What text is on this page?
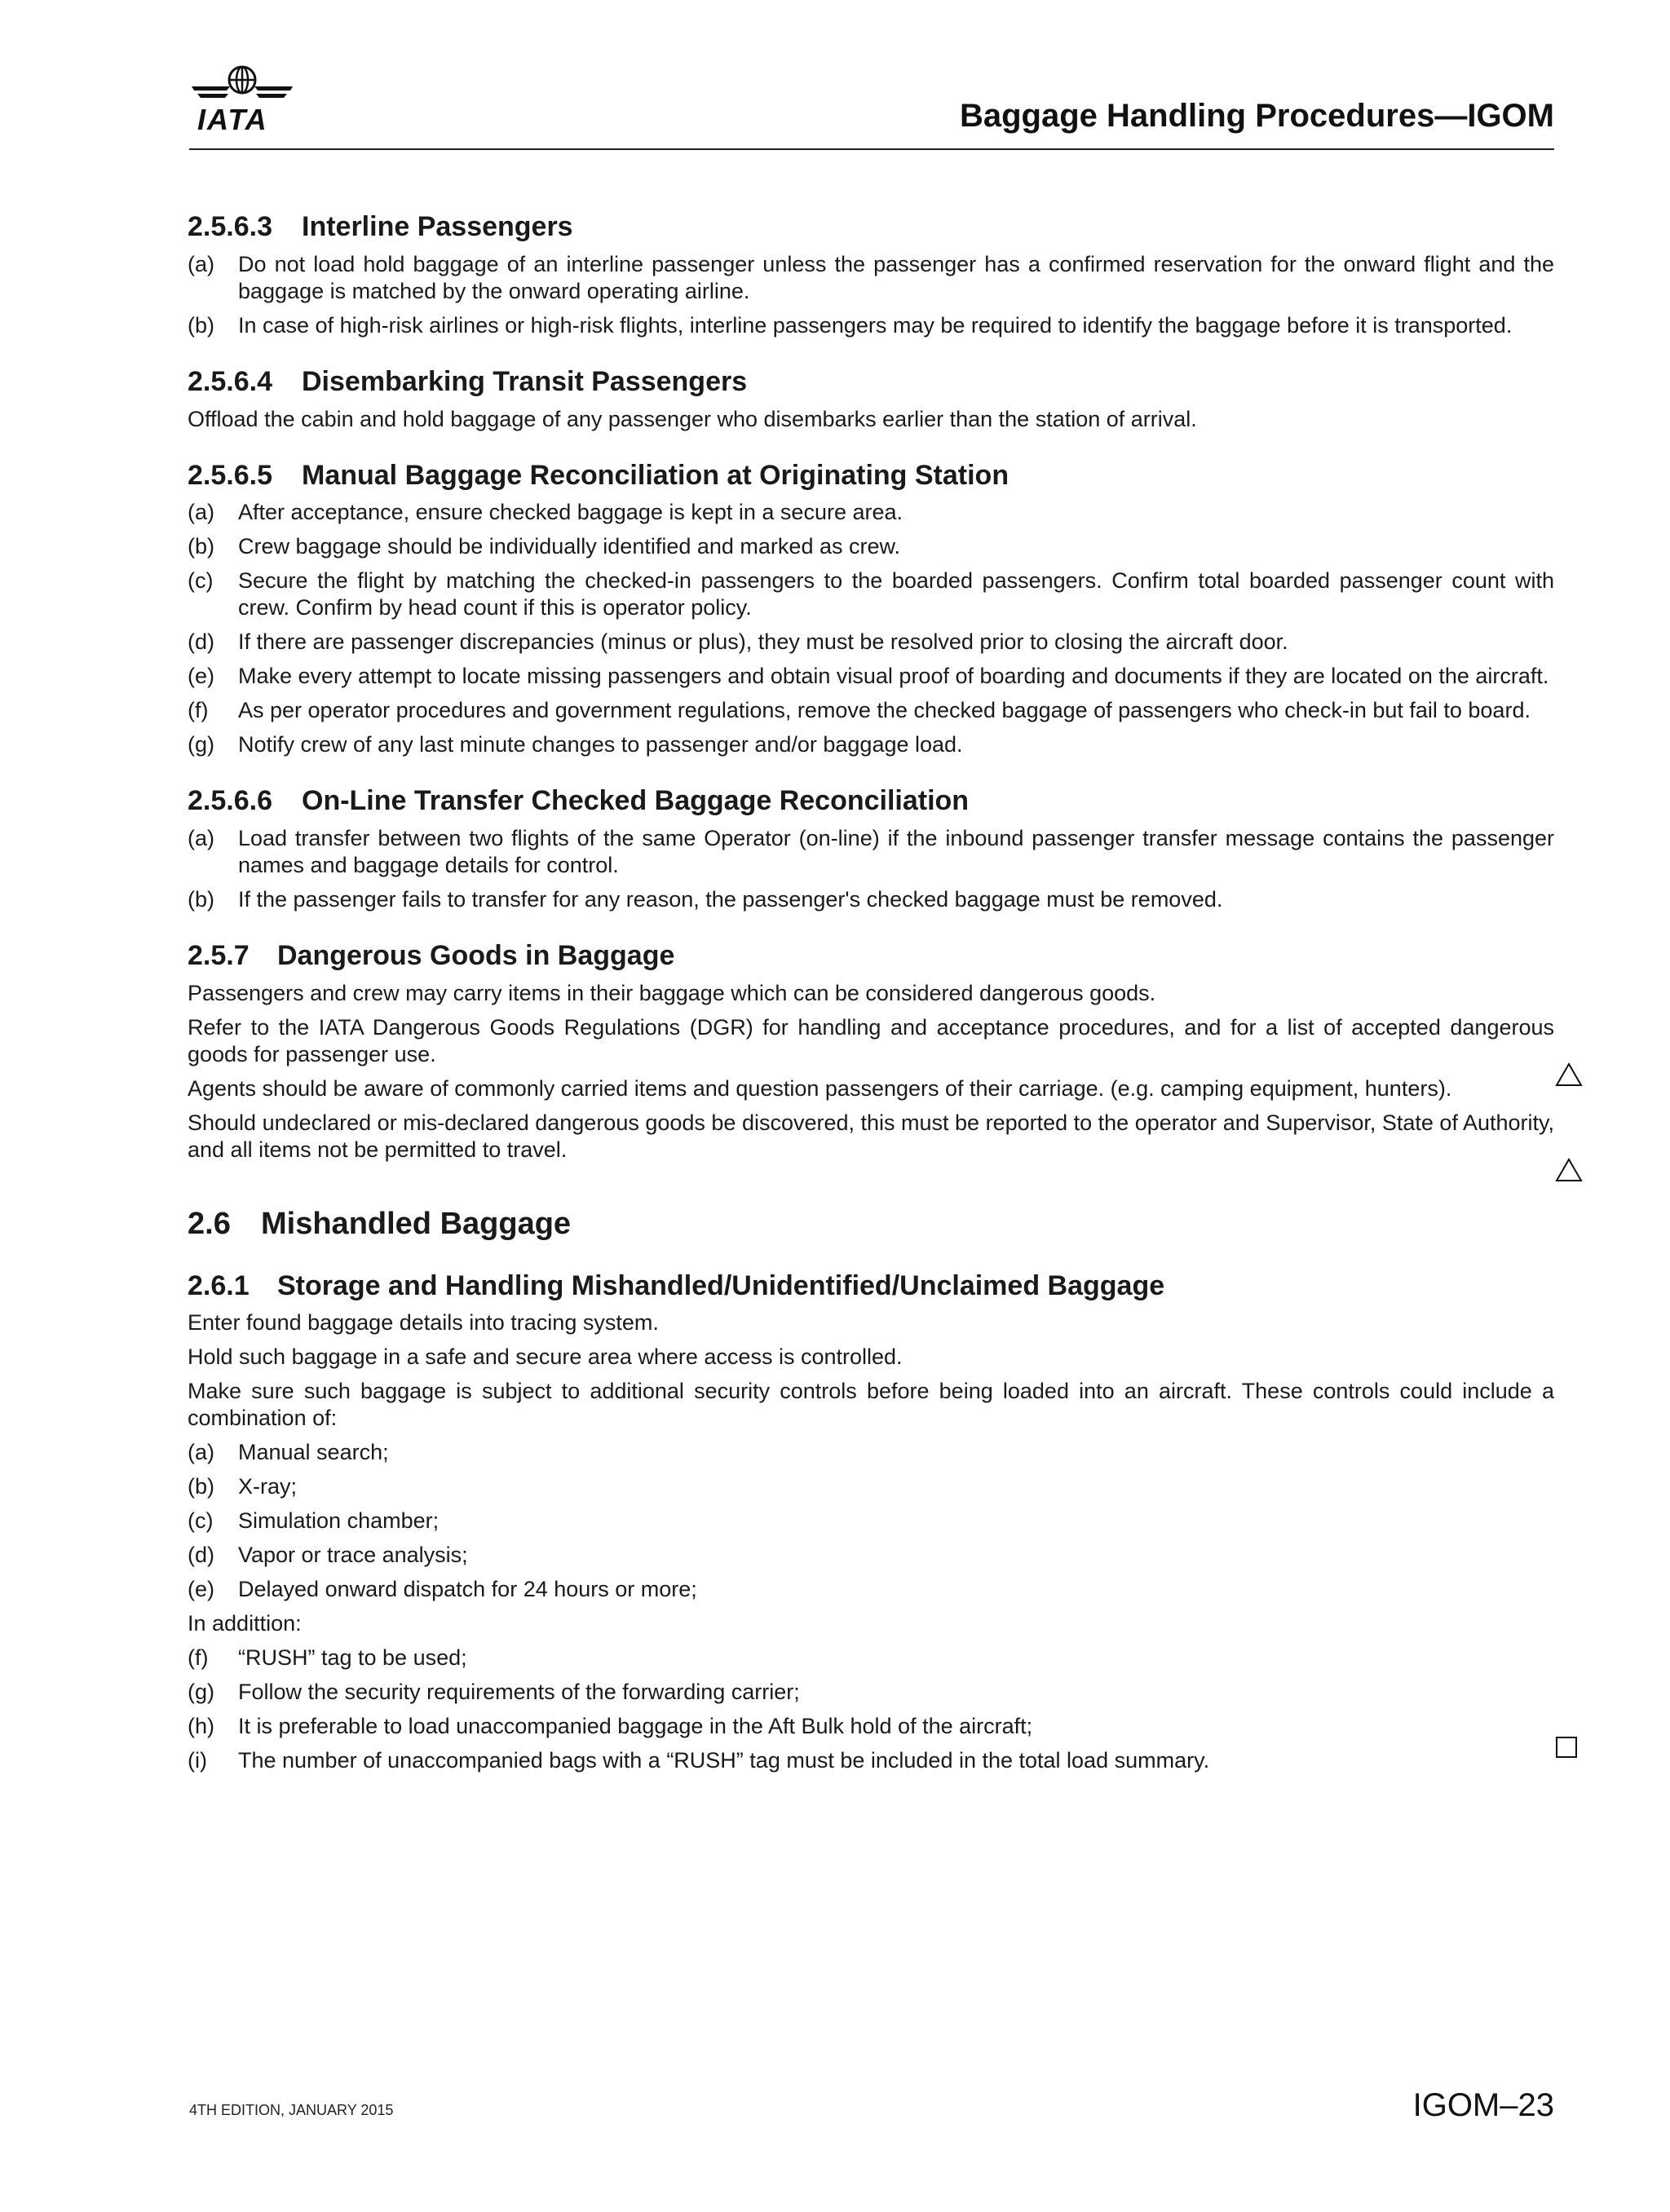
IATA	Baggage Handling Procedures—IGOM
2.5.6.3 Interline Passengers
(a)	Do not load hold baggage of an interline passenger unless the passenger has a confirmed reservation for the onward flight and the baggage is matched by the onward operating airline.
(b)	In case of high-risk airlines or high-risk flights, interline passengers may be required to identify the baggage before it is transported.
2.5.6.4 Disembarking Transit Passengers

Offload the cabin and hold baggage of any passenger who disembarks earlier than the station of arrival.

2.5.6.5 Manual Baggage Reconciliation at Originating Station
(a)	After acceptance, ensure checked baggage is kept in a secure area.
(b)	Crew baggage should be individually identified and marked as crew.
(c)	Secure the flight by matching the checked-in passengers to the boarded passengers. Confirm total boarded passenger count with crew. Confirm by head count if this is operator policy.
(d)	If there are passenger discrepancies (minus or plus), they must be resolved prior to closing the aircraft door.
(e)	Make every attempt to locate missing passengers and obtain visual proof of boarding and documents if they are located on the aircraft.
(f)	As per operator procedures and government regulations, remove the checked baggage of passengers who check-in but fail to board.
(g)	Notify crew of any last minute changes to passenger and/or baggage load.
2.5.6.6 On-Line Transfer Checked Baggage Reconciliation
(a)	Load transfer between two flights of the same Operator (on-line) if the inbound passenger transfer message contains the passenger names and baggage details for control.
(b)	If the passenger fails to transfer for any reason, the passenger's checked baggage must be removed.
2.5.7 Dangerous Goods in Baggage

Passengers and crew may carry items in their baggage which can be considered dangerous goods.

Refer to the IATA Dangerous Goods Regulations (DGR) for handling and acceptance procedures, and for a list of accepted dangerous goods for passenger use.

Agents should be aware of commonly carried items and question passengers of their carriage. (e.g. camping equipment, hunters).

Should undeclared or mis-declared dangerous goods be discovered, this must be reported to the operator and Supervisor, State of Authority, and all items not be permitted to travel.

2.6 Mishandled Baggage
2.6.1 Storage and Handling Mishandled/Unidentified/Unclaimed Baggage

Enter found baggage details into tracing system.

Hold such baggage in a safe and secure area where access is controlled.

Make sure such baggage is subject to additional security controls before being loaded into an aircraft. These controls could include a combination of:

(a)	Manual search;
(b)	X-ray;
(c)	Simulation chamber;
(d)	Vapor or trace analysis;
(e)	Delayed onward dispatch for 24 hours or more;

In addittion:

(f)	“RUSH” tag to be used;
(g)	Follow the security requirements of the forwarding carrier;
(h)	It is preferable to load unaccompanied baggage in the Aft Bulk hold of the aircraft;
(i)	The number of unaccompanied bags with a “RUSH” tag must be included in the total load summary.
4TH EDITION, JANUARY 2015	IGOM–23
